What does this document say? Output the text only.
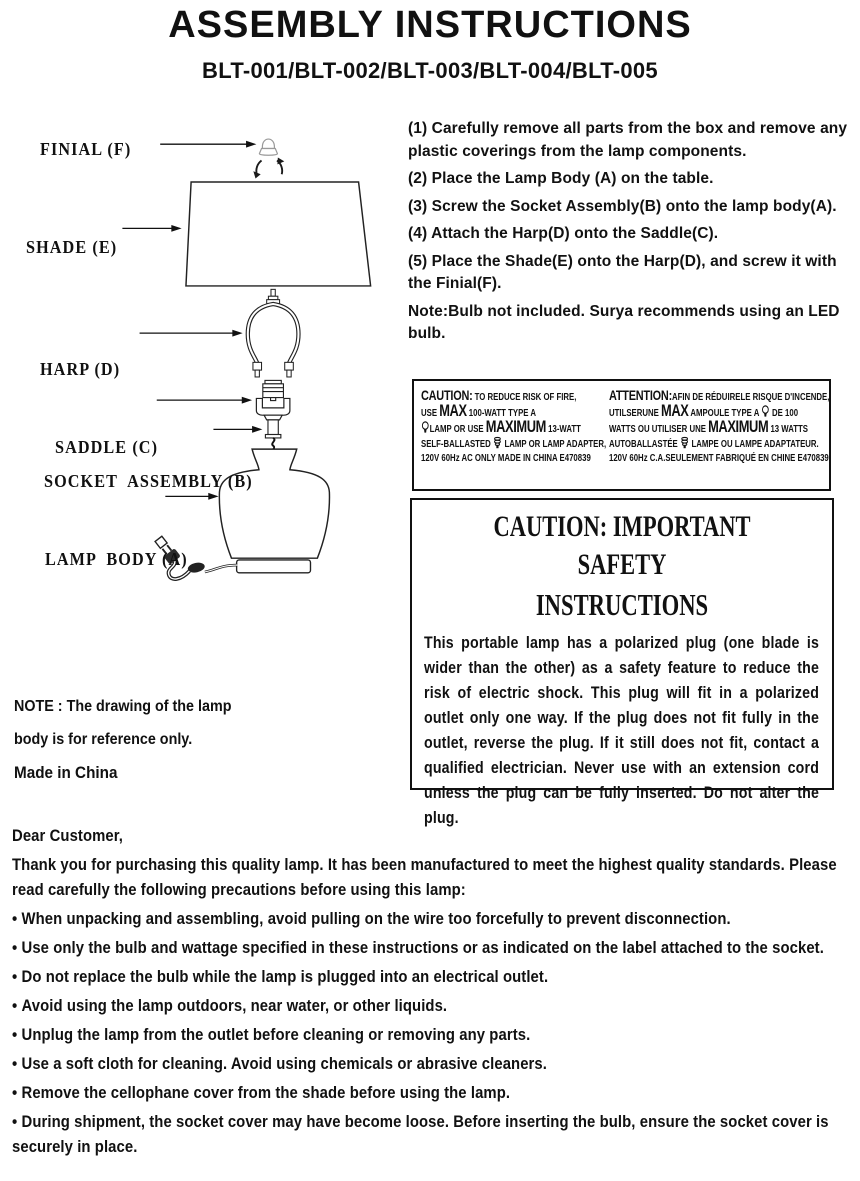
ASSEMBLY INSTRUCTIONS
BLT-001/BLT-002/BLT-003/BLT-004/BLT-005
FINIAL (F)
SHADE (E)
HARP (D)
SADDLE (C)
SOCKET  ASSEMBLY (B)
LAMP  BODY (A)

(1) Carefully remove all parts from the box and remove any plastic coverings from the lamp components.

(2) Place the Lamp Body (A) on the table.

(3) Screw the Socket Assembly(B) onto the lamp body(A).

(4) Attach the Harp(D) onto the Saddle(C).

(5) Place the Shade(E) onto the Harp(D), and screw it with the Finial(F).

Note:Bulb not included. Surya recommends using an LED bulb.

CAUTION: TO REDUCE RISK OF FIRE,
USE MAX 100-WATT TYPE A
LAMP OR USE MAXIMUM 13-WATT
SELF-BALLASTED LAMP OR LAMP ADAPTER,
120V 60Hz AC ONLY MADE IN CHINA E470839
ATTENTION:AFIN DE RÉDUIRELE RISQUE D'INCENDE,
UTILSERUNE MAX AMPOULE TYPE A DE 100
WATTS OU UTILISER UNE MAXIMUM 13 WATTS
AUTOBALLASTÉE LAMPE OU LAMPE ADAPTATEUR.
120V 60Hz C.A.SEULEMENT FABRIQUÉ EN CHINE E470839
CAUTION: IMPORTANT SAFETY
INSTRUCTIONS

This portable lamp has a polarized plug (one blade is wider than the other) as a safety feature to reduce the risk of electric shock. This plug will fit in a polarized outlet only one way. If the plug does not fit fully in the outlet, reverse the plug. If it still does not fit, contact a qualified electrician. Never use with an extension cord unless the plug can be fully inserted. Do not alter the plug.

NOTE : The drawing of the lamp

body is for reference only.

Made in China

Dear Customer,

Thank you for purchasing this quality lamp. It has been manufactured to meet the highest quality standards. Please read carefully the following precautions before using this lamp:

• When unpacking and assembling, avoid pulling on the wire too forcefully to prevent disconnection.

• Use only the bulb and wattage specified in these instructions or as indicated on the label attached to the socket.

• Do not replace the bulb while the lamp is plugged into an electrical outlet.

• Avoid using the lamp outdoors, near water, or other liquids.

• Unplug the lamp from the outlet before cleaning or removing any parts.

• Use a soft cloth for cleaning. Avoid using chemicals or abrasive cleaners.

• Remove the cellophane cover from the shade before using the lamp.

• During shipment, the socket cover may have become loose. Before inserting the bulb, ensure the socket cover is securely in place.
